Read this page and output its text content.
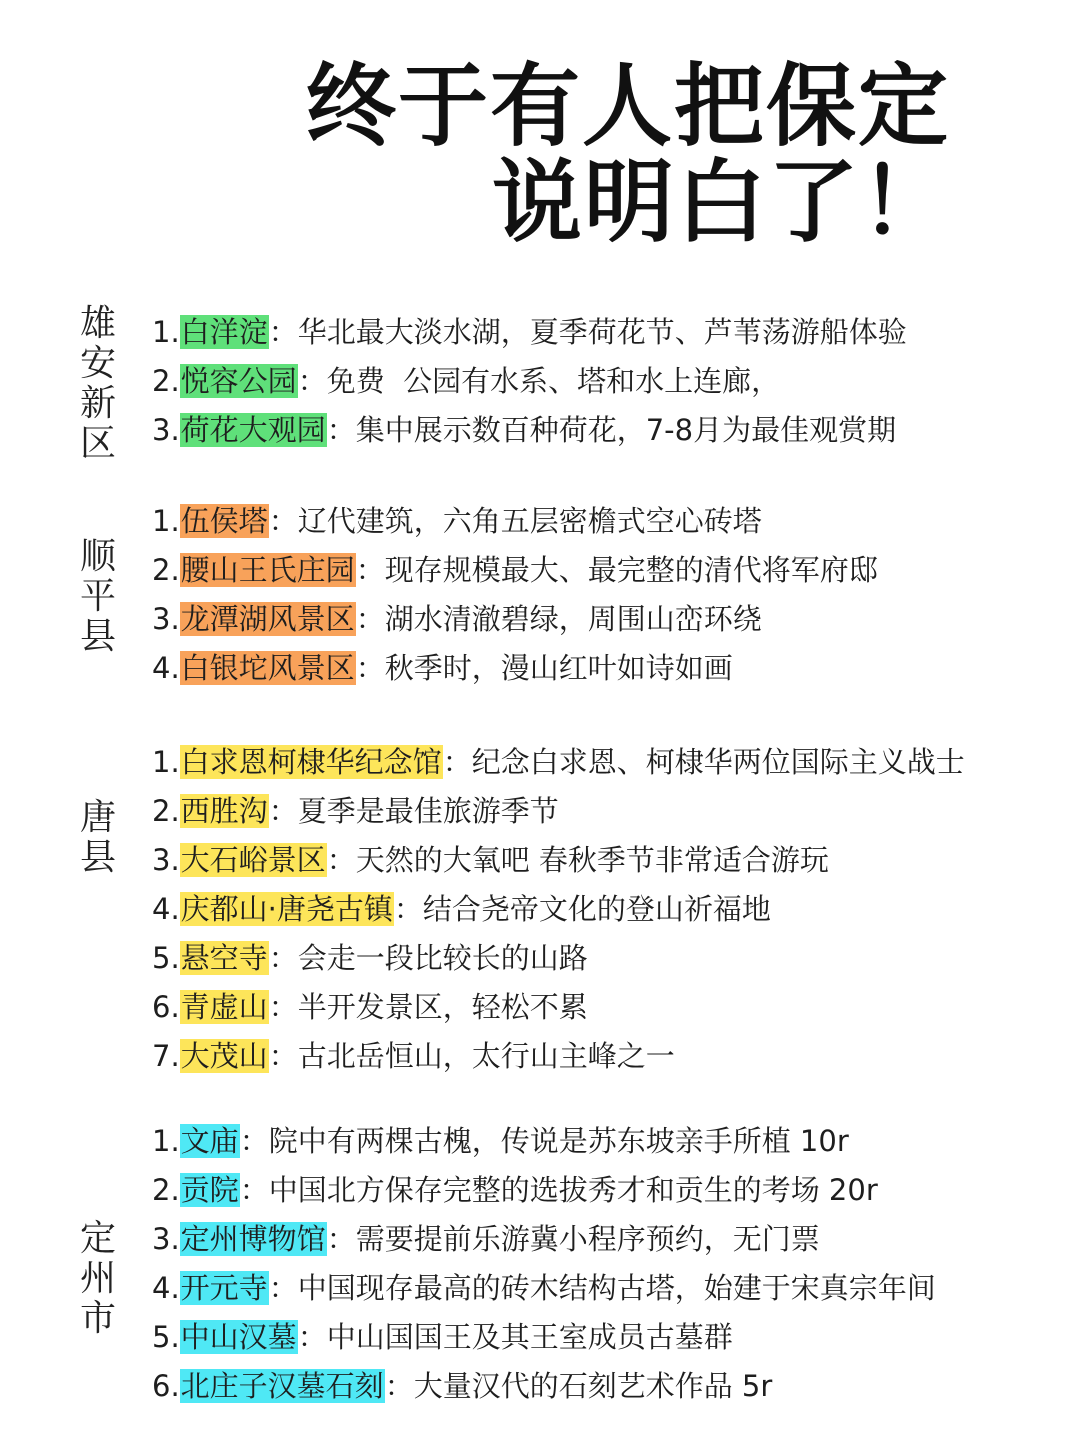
终于有人把保定
说明白了！
雄
安
新
区
1.白洋淀：华北最大淡水湖，夏季荷花节、芦苇荡游船体验
2.悦容公园：免费  公园有水系、塔和水上连廊，
3.荷花大观园：集中展示数百种荷花，7-8月为最佳观赏期
顺
平
县
1.伍侯塔：辽代建筑，六角五层密檐式空心砖塔
2.腰山王氏庄园：现存规模最大、最完整的清代将军府邸
3.龙潭湖风景区：湖水清澈碧绿，周围山峦环绕
4.白银坨风景区：秋季时，漫山红叶如诗如画
唐
县
1.白求恩柯棣华纪念馆：纪念白求恩、柯棣华两位国际主义战士
2.西胜沟：夏季是最佳旅游季节
3.大石峪景区：天然的大氧吧 春秋季节非常适合游玩
4.庆都山·唐尧古镇：结合尧帝文化的登山祈福地
5.悬空寺：会走一段比较长的山路
6.青虚山：半开发景区，轻松不累
7.大茂山：古北岳恒山，太行山主峰之一
定
州
市
1.文庙：院中有两棵古槐，传说是苏东坡亲手所植 10r
2.贡院：中国北方保存完整的选拔秀才和贡生的考场 20r
3.定州博物馆：需要提前乐游冀小程序预约，无门票
4.开元寺：中国现存最高的砖木结构古塔，始建于宋真宗年间
5.中山汉墓：中山国国王及其王室成员古墓群
6.北庄子汉墓石刻：大量汉代的石刻艺术作品 5r
